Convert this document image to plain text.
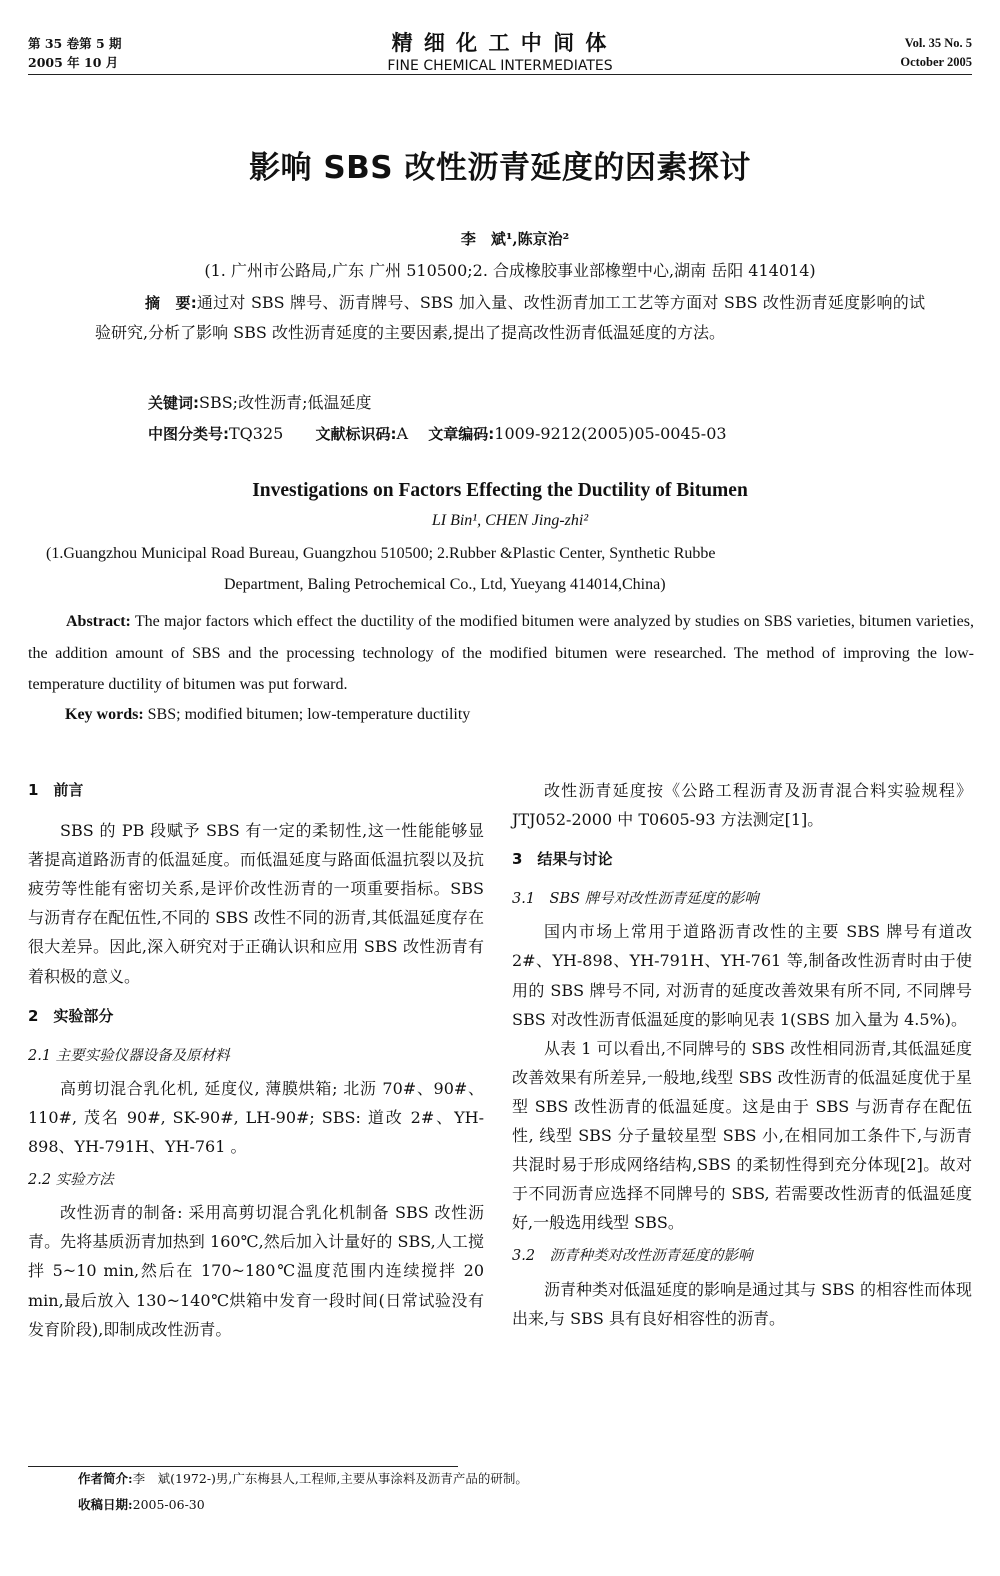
第 35 卷第 5 期
2005 年 10 月
精 细 化 工 中 间 体
FINE CHEMICAL INTERMEDIATES
Vol. 35 No. 5
October 2005
影响 SBS 改性沥青延度的因素探讨
李　斌¹,陈京治²
(1. 广州市公路局,广东 广州 510500;2. 合成橡胶事业部橡塑中心,湖南 岳阳 414014)
摘　要:通过对 SBS 牌号、沥青牌号、SBS 加入量、改性沥青加工工艺等方面对 SBS 改性沥青延度影响的试验研究,分析了影响 SBS 改性沥青延度的主要因素,提出了提高改性沥青低温延度的方法。
关键词:SBS;改性沥青;低温延度
中图分类号:TQ325 文献标识码:A 文章编码:1009-9212(2005)05-0045-03
Investigations on Factors Effecting the Ductility of Bitumen
LI Bin¹, CHEN Jing-zhi²
(1.Guangzhou Municipal Road Bureau, Guangzhou 510500; 2.Rubber &Plastic Center, Synthetic Rubbe
Department, Baling Petrochemical Co., Ltd, Yueyang 414014,China)
Abstract: The major factors which effect the ductility of the modified bitumen were analyzed by studies on SBS varieties, bitumen varieties, the addition amount of SBS and the processing technology of the modified bitumen were researched. The method of improving the low-temperature ductility of bitumen was put forward.
Key words: SBS; modified bitumen; low-temperature ductility
1　前言

SBS 的 PB 段赋予 SBS 有一定的柔韧性,这一性能能够显著提高道路沥青的低温延度。而低温延度与路面低温抗裂以及抗疲劳等性能有密切关系,是评价改性沥青的一项重要指标。SBS 与沥青存在配伍性,不同的 SBS 改性不同的沥青,其低温延度存在很大差异。因此,深入研究对于正确认识和应用 SBS 改性沥青有着积极的意义。

2　实验部分
2.1 主要实验仪器设备及原材料

高剪切混合乳化机, 延度仪, 薄膜烘箱; 北沥 70#、90#、110#, 茂名 90#, SK-90#, LH-90#; SBS: 道改 2#、YH-898、YH-791H、YH-761 。

2.2 实验方法

改性沥青的制备: 采用高剪切混合乳化机制备 SBS 改性沥青。先将基质沥青加热到 160℃,然后加入计量好的 SBS,人工搅拌 5~10 min,然后在 170~180℃温度范围内连续搅拌 20 min,最后放入 130~140℃烘箱中发育一段时间(日常试验没有发育阶段),即制成改性沥青。

改性沥青延度按《公路工程沥青及沥青混合料实验规程》JTJ052-2000 中 T0605-93 方法测定[1]。

3　结果与讨论
3.1　SBS 牌号对改性沥青延度的影响

国内市场上常用于道路沥青改性的主要 SBS 牌号有道改 2#、YH-898、YH-791H、YH-761 等,制备改性沥青时由于使用的 SBS 牌号不同, 对沥青的延度改善效果有所不同, 不同牌号 SBS 对改性沥青低温延度的影响见表 1(SBS 加入量为 4.5%)。

从表 1 可以看出,不同牌号的 SBS 改性相同沥青,其低温延度改善效果有所差异,一般地,线型 SBS 改性沥青的低温延度优于星型 SBS 改性沥青的低温延度。这是由于 SBS 与沥青存在配伍性, 线型 SBS 分子量较星型 SBS 小,在相同加工条件下,与沥青共混时易于形成网络结构,SBS 的柔韧性得到充分体现[2]。故对于不同沥青应选择不同牌号的 SBS, 若需要改性沥青的低温延度好,一般选用线型 SBS。

3.2　沥青种类对改性沥青延度的影响

沥青种类对低温延度的影响是通过其与 SBS 的相容性而体现出来,与 SBS 具有良好相容性的沥青。

作者简介:李　斌(1972-)男,广东梅县人,工程师,主要从事涂料及沥青产品的研制。
收稿日期:2005-06-30
